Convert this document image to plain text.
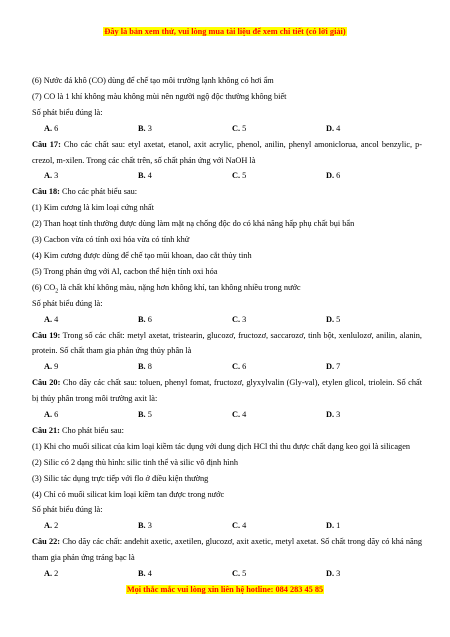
Đây là bản xem thử, vui lòng mua tài liệu để xem chi tiết (có lời giải)
(6) Nước đá khô (CO) dùng để chế tạo môi trường lạnh không có hơi ẩm
(7) CO là 1 khí không màu không mùi nên người ngộ độc thường không biết
Số phát biểu đúng là:
A. 6	B. 3	C. 5	D. 4
Câu 17: Cho các chất sau: etyl axetat, etanol, axit acrylic, phenol, anilin, phenyl amoniclorua, ancol benzylic, p- crezol, m-xilen. Trong các chất trên, số chất phản ứng với NaOH là
A. 3	B. 4	C. 5	D. 6
Câu 18: Cho các phát biểu sau:
(1) Kim cương là kim loại cứng nhất
(2) Than hoạt tính thường được dùng làm mặt nạ chống độc do có khả năng hấp phụ chất bụi bẩn
(3) Cacbon vừa có tính oxi hóa vừa có tính khử
(4) Kim cương được dùng để chế tạo mũi khoan, dao cắt thủy tinh
(5) Trong phản ứng với Al, cacbon thể hiện tính oxi hóa
(6) $CO_2$ là chất khí không màu, nặng hơn không khí, tan không nhiều trong nước
Số phát biểu đúng là:
A. 4	B. 6	C. 3	D. 5
Câu 19: Trong số các chất: metyl axetat, tristearin, glucozơ, fructozơ, saccarozơ, tinh bột, xenlulozơ, anilin, alanin, protein. Số chất tham gia phản ứng thủy phân là
A. 9	B. 8	C. 6	D. 7
Câu 20: Cho dãy các chất sau: toluen, phenyl fomat, fructozơ, glyxylvalin (Gly-val), etylen glicol, triolein. Số chất bị thủy phân trong môi trường axit là:
A. 6	B. 5	C. 4	D. 3
Câu 21: Cho phát biểu sau:
(1) Khi cho muối silicat của kim loại kiềm tác dụng với dung dịch HCl thì thu được chất dạng keo gọi là silicagen
(2) Silic có 2 dạng thù hình: silic tinh thể và silic vô định hình
(3) Silic tác dụng trực tiếp với flo ở điều kiện thường
(4) Chỉ có muối silicat kim loại kiềm tan được trong nước
Số phát biểu đúng là:
A. 2	B. 3	C. 4	D. 1
Câu 22: Cho dãy các chất: anđehit axetic, axetilen, glucozơ, axit axetic, metyl axetat. Số chất trong dãy có khả năng tham gia phản ứng tráng bạc là
A. 2	B. 4	C. 5	D. 3
Mọi thắc mắc vui lòng xin liên hệ hotline: 084 283 45 85
